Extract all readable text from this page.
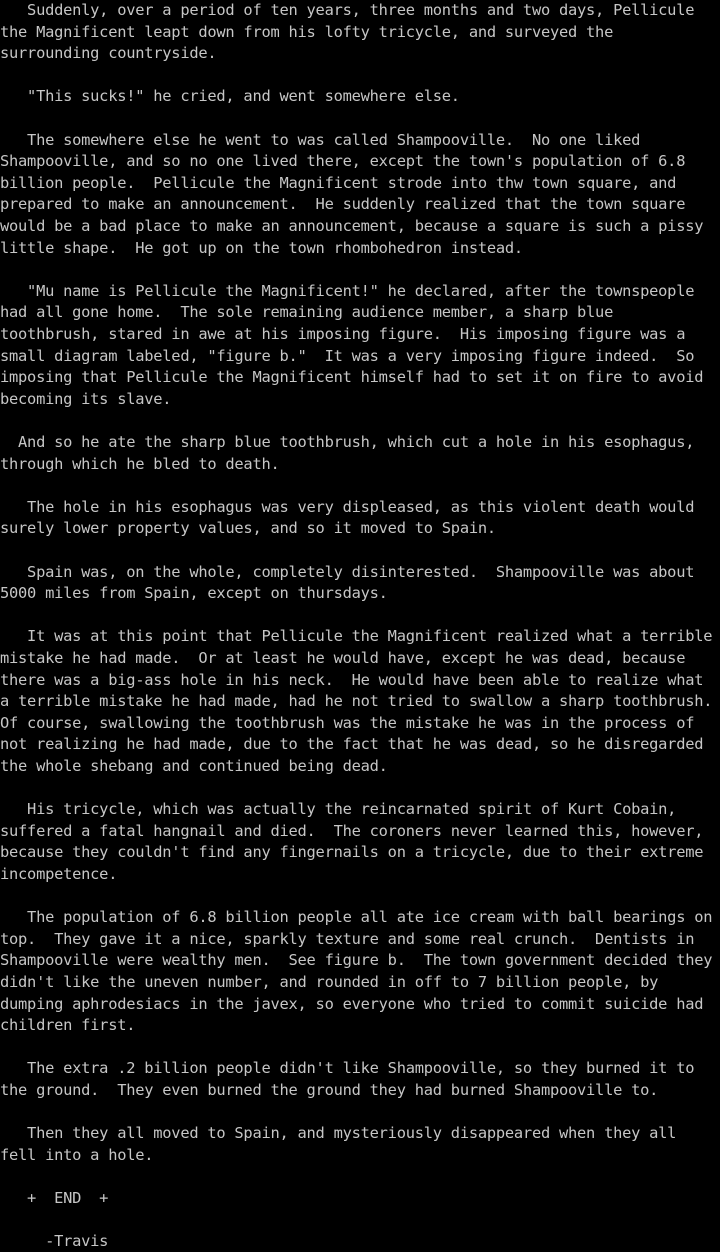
Suddenly, over a period of ten years, three months and two days, Pellicule
the Magnificent leapt down from his lofty tricycle, and surveyed the
surrounding countryside.
"This sucks!" he cried, and went somewhere else.
The somewhere else he went to was called Shampooville.  No one liked
Shampooville, and so no one lived there, except the town's population of 6.8
billion people.  Pellicule the Magnificent strode into thw town square, and
prepared to make an announcement.  He suddenly realized that the town square
would be a bad place to make an announcement, because a square is such a pissy
little shape.  He got up on the town rhombohedron instead.
"Mu name is Pellicule the Magnificent!" he declared, after the townspeople
had all gone home.  The sole remaining audience member, a sharp blue
toothbrush, stared in awe at his imposing figure.  His imposing figure was a
small diagram labeled, "figure b."  It was a very imposing figure indeed.  So
imposing that Pellicule the Magnificent himself had to set it on fire to avoid
becoming its slave.
And so he ate the sharp blue toothbrush, which cut a hole in his esophagus,
through which he bled to death.
The hole in his esophagus was very displeased, as this violent death would
surely lower property values, and so it moved to Spain.
Spain was, on the whole, completely disinterested.  Shampooville was about
5000 miles from Spain, except on thursdays.
It was at this point that Pellicule the Magnificent realized what a terrible
mistake he had made.  Or at least he would have, except he was dead, because
there was a big-ass hole in his neck.  He would have been able to realize what
a terrible mistake he had made, had he not tried to swallow a sharp toothbrush.
Of course, swallowing the toothbrush was the mistake he was in the process of
not realizing he had made, due to the fact that he was dead, so he disregarded
the whole shebang and continued being dead.
His tricycle, which was actually the reincarnated spirit of Kurt Cobain,
suffered a fatal hangnail and died.  The coroners never learned this, however,
because they couldn't find any fingernails on a tricycle, due to their extreme
incompetence.
The population of 6.8 billion people all ate ice cream with ball bearings on
top.  They gave it a nice, sparkly texture and some real crunch.  Dentists in
Shampooville were wealthy men.  See figure b.  The town government decided they
didn't like the uneven number, and rounded in off to 7 billion people, by
dumping aphrodesiacs in the javex, so everyone who tried to commit suicide had
children first.
The extra .2 billion people didn't like Shampooville, so they burned it to
the ground.  They even burned the ground they had burned Shampooville to.
Then they all moved to Spain, and mysteriously disappeared when they all
fell into a hole.
+  END  +
-Travis
